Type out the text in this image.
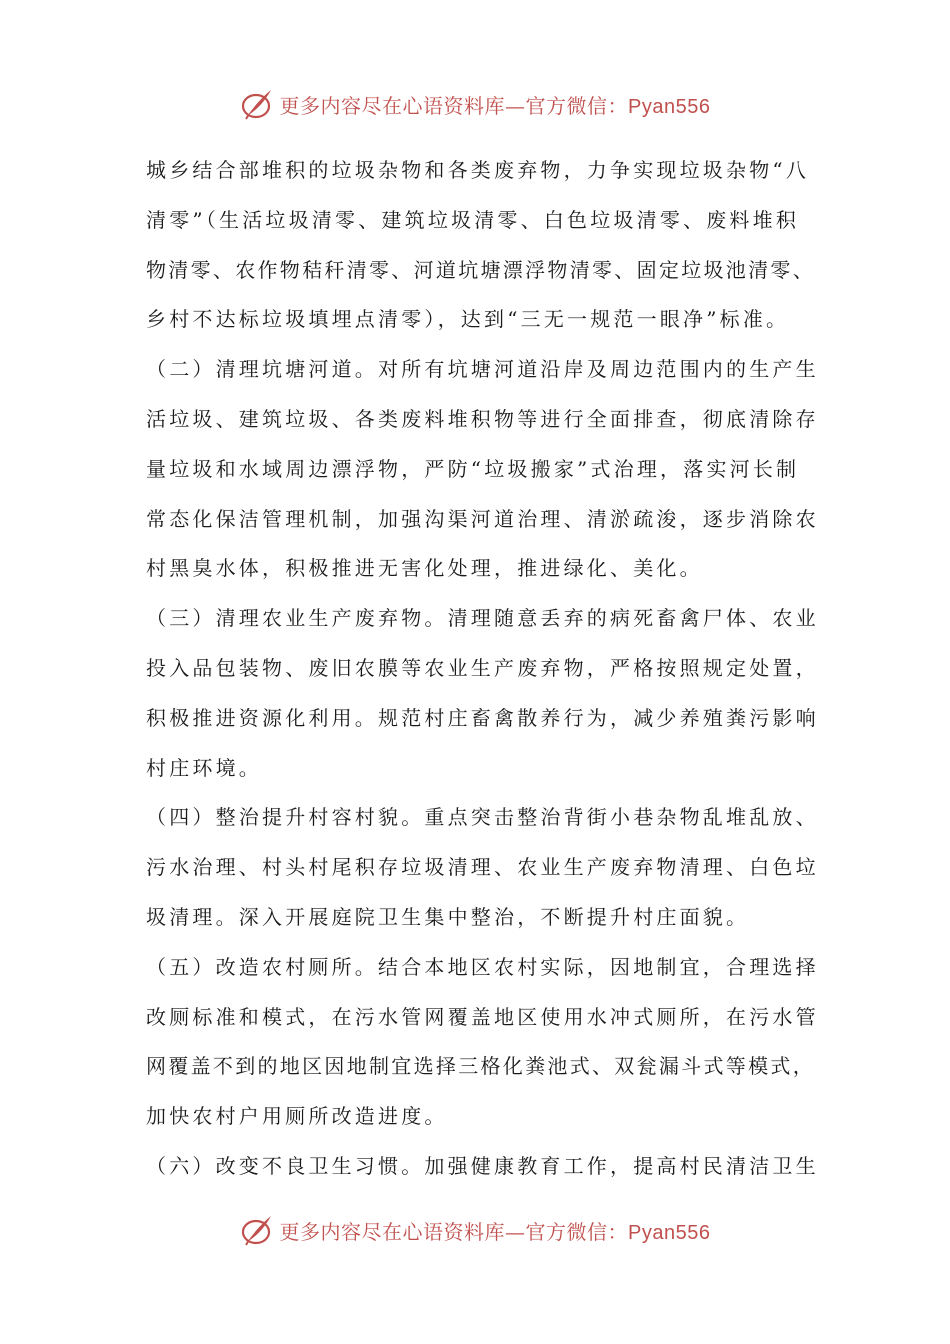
更多内容尽在心语资料库—官方微信：Pyan556
城乡结合部堆积的垃圾杂物和各类废弃物，力争实现垃圾杂物“八
清零”（生活垃圾清零、建筑垃圾清零、白色垃圾清零、废料堆积
物清零、农作物秸秆清零、河道坑塘漂浮物清零、固定垃圾池清零、
乡村不达标垃圾填埋点清零），达到“三无一规范一眼净”标准。
（二）清理坑塘河道。对所有坑塘河道沿岸及周边范围内的生产生
活垃圾、建筑垃圾、各类废料堆积物等进行全面排查，彻底清除存
量垃圾和水域周边漂浮物，严防“垃圾搬家”式治理，落实河长制
常态化保洁管理机制，加强沟渠河道治理、清淤疏浚，逐步消除农
村黑臭水体，积极推进无害化处理，推进绿化、美化。
（三）清理农业生产废弃物。清理随意丢弃的病死畜禽尸体、农业
投入品包装物、废旧农膜等农业生产废弃物，严格按照规定处置，
积极推进资源化利用。规范村庄畜禽散养行为，减少养殖粪污影响
村庄环境。
（四）整治提升村容村貌。重点突击整治背街小巷杂物乱堆乱放、
污水治理、村头村尾积存垃圾清理、农业生产废弃物清理、白色垃
圾清理。深入开展庭院卫生集中整治，不断提升村庄面貌。
（五）改造农村厕所。结合本地区农村实际，因地制宜，合理选择
改厕标准和模式，在污水管网覆盖地区使用水冲式厕所，在污水管
网覆盖不到的地区因地制宜选择三格化粪池式、双瓮漏斗式等模式，
加快农村户用厕所改造进度。
（六）改变不良卫生习惯。加强健康教育工作，提高村民清洁卫生
更多内容尽在心语资料库—官方微信：Pyan556
